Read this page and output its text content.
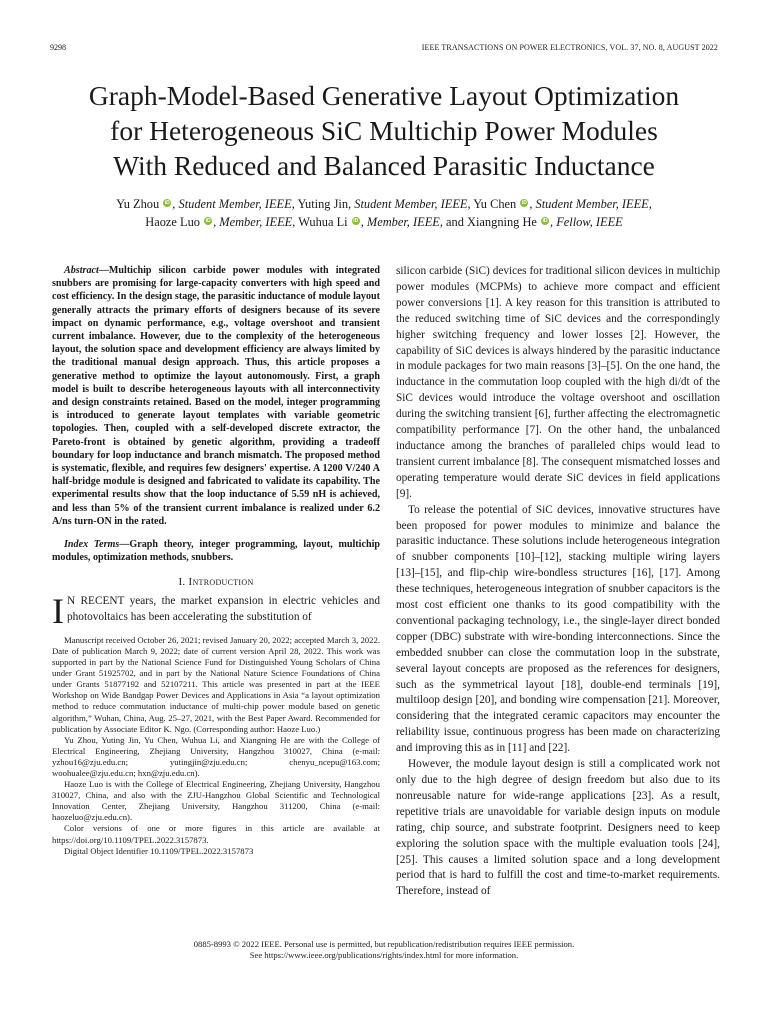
9298	IEEE TRANSACTIONS ON POWER ELECTRONICS, VOL. 37, NO. 8, AUGUST 2022
Graph-Model-Based Generative Layout Optimization
for Heterogeneous SiC Multichip Power Modules
With Reduced and Balanced Parasitic Inductance
Yu Zhou iD , Student Member, IEEE, Yuting Jin, Student Member, IEEE, Yu Chen iD , Student Member, IEEE,
Haoze Luo iD , Member, IEEE, Wuhua Li iD , Member, IEEE, and Xiangning He iD , Fellow, IEEE

Abstract—Multichip silicon carbide power modules with integrated snubbers are promising for large-capacity converters with high speed and cost efficiency. In the design stage, the parasitic inductance of module layout generally attracts the primary efforts of designers because of its severe impact on dynamic performance, e.g., voltage overshoot and transient current imbalance. However, due to the complexity of the heterogeneous layout, the solution space and development efficiency are always limited by the traditional manual design approach. Thus, this article proposes a generative method to optimize the layout autonomously. First, a graph model is built to describe heterogeneous layouts with all interconnectivity and design constraints retained. Based on the model, integer programming is introduced to generate layout templates with variable geometric topologies. Then, coupled with a self-developed discrete extractor, the Pareto-front is obtained by genetic algorithm, providing a tradeoff boundary for loop inductance and branch mismatch. The proposed method is systematic, flexible, and requires few designers' expertise. A 1200 V/240 A half-bridge module is designed and fabricated to validate its capability. The experimental results show that the loop inductance of 5.59 nH is achieved, and less than 5% of the transient current imbalance is realized under 6.2 A/ns turn-ON in the rated.

Index Terms—Graph theory, integer programming, layout, multichip modules, optimization methods, snubbers.

I. Introduction

I N RECENT years, the market expansion in electric vehicles and photovoltaics has been accelerating the substitution of

Manuscript received October 26, 2021; revised January 20, 2022; accepted March 3, 2022. Date of publication March 9, 2022; date of current version April 28, 2022. This work was supported in part by the National Science Fund for Distinguished Young Scholars of China under Grant 51925702, and in part by the National Nature Science Foundations of China under Grants 51877192 and 52107211. This article was presented in part at the IEEE Workshop on Wide Bandgap Power Devices and Applications in Asia “a layout optimization method to reduce commutation inductance of multi-chip power module based on genetic algorithm,” Wuhan, China, Aug. 25–27, 2021, with the Best Paper Award. Recommended for publication by Associate Editor K. Ngo. (Corresponding author: Haoze Luo.)

Yu Zhou, Yuting Jin, Yu Chen, Wuhua Li, and Xiangning He are with the College of Electrical Engineering, Zhejiang University, Hangzhou 310027, China (e-mail: yzhou16@zju.edu.cn; yutingjin@zju.edu.cn; chenyu_ncepu@163.com; woohualee@zju.edu.cn; hxn@zju.edu.cn).

Haoze Luo is with the College of Electrical Engineering, Zhejiang University, Hangzhou 310027, China, and also with the ZJU-Hangzhou Global Scientific and Technological Innovation Center, Zhejiang University, Hangzhou 311200, China (e-mail: haozeluo@zju.edu.cn).

Color versions of one or more figures in this article are available at https://doi.org/10.1109/TPEL.2022.3157873.

Digital Object Identifier 10.1109/TPEL.2022.3157873

silicon carbide (SiC) devices for traditional silicon devices in multichip power modules (MCPMs) to achieve more compact and efficient power conversions [1]. A key reason for this transition is attributed to the reduced switching time of SiC devices and the correspondingly higher switching frequency and lower losses [2]. However, the capability of SiC devices is always hindered by the parasitic inductance in module packages for two main reasons [3]–[5]. On the one hand, the inductance in the commutation loop coupled with the high di/dt of the SiC devices would introduce the voltage overshoot and oscillation during the switching transient [6], further affecting the electromagnetic compatibility performance [7]. On the other hand, the unbalanced inductance among the branches of paralleled chips would lead to transient current imbalance [8]. The consequent mismatched losses and operating temperature would derate SiC devices in field applications [9].

To release the potential of SiC devices, innovative structures have been proposed for power modules to minimize and balance the parasitic inductance. These solutions include heterogeneous integration of snubber components [10]–[12], stacking multiple wiring layers [13]–[15], and flip-chip wire-bondless structures [16], [17]. Among these techniques, heterogeneous integration of snubber capacitors is the most cost efficient one thanks to its good compatibility with the conventional packaging technology, i.e., the single-layer direct bonded copper (DBC) substrate with wire-bonding interconnections. Since the embedded snubber can close the commutation loop in the substrate, several layout concepts are proposed as the references for designers, such as the symmetrical layout [18], double-end terminals [19], multiloop design [20], and bonding wire compensation [21]. Moreover, considering that the integrated ceramic capacitors may encounter the reliability issue, continuous progress has been made on characterizing and improving this as in [11] and [22].

However, the module layout design is still a complicated work not only due to the high degree of design freedom but also due to its nonreusable nature for wide-range applications [23]. As a result, repetitive trials are unavoidable for variable design inputs on module rating, chip source, and substrate footprint. Designers need to keep exploring the solution space with the multiple evaluation tools [24], [25]. This causes a limited solution space and a long development period that is hard to fulfill the cost and time-to-market requirements. Therefore, instead of

0885-8993 © 2022 IEEE. Personal use is permitted, but republication/redistribution requires IEEE permission.
See https://www.ieee.org/publications/rights/index.html for more information.
